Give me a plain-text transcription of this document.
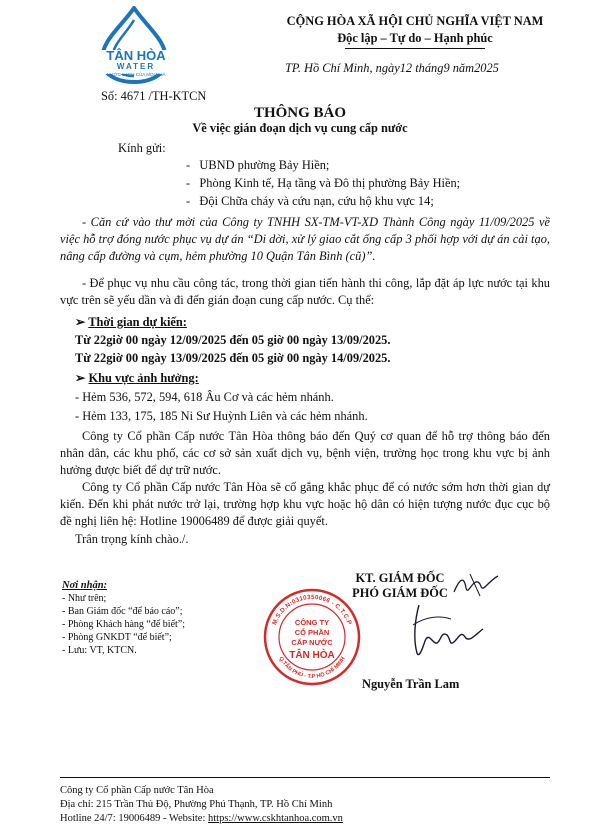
TÂN HÒA
WATER
NƯỚC SẠCH CỦA MỌI NHÀ
CỘNG HÒA XÃ HỘI CHỦ NGHĨA VIỆT NAM
Độc lập – Tự do – Hạnh phúc
Số: 4671 /TH-KTCN
TP. Hồ Chí Minh, ngày12 tháng9 năm2025
THÔNG BÁO
Về việc gián đoạn dịch vụ cung cấp nước
Kính gửi:
-   UBND phường Bảy Hiền;
-   Phòng Kinh tế, Hạ tầng và Đô thị phường Bảy Hiền;
-   Đội Chữa cháy và cứu nạn, cứu hộ khu vực 14;
- Căn cứ vào thư mời của Công ty TNHH SX-TM-VT-XD Thành Công ngày 11/09/2025 về việc hỗ trợ đóng nước phục vụ dự án “Di dời, xử lý giao cắt ống cấp 3 phối hợp với dự án cải tạo, nâng cấp đường và cụm, hẻm phường 10 Quận Tân Bình (cũ)”.
- Để phục vụ nhu cầu công tác, trong thời gian tiến hành thi công, lắp đặt áp lực nước tại khu vực trên sẽ yếu dần và đi đến gián đoạn cung cấp nước. Cụ thể:
➢ Thời gian dự kiến:
Từ 22giờ 00 ngày 12/09/2025 đến 05 giờ 00 ngày 13/09/2025.
Từ 22giờ 00 ngày 13/09/2025 đến 05 giờ 00 ngày 14/09/2025.
➢ Khu vực ảnh hưởng:
- Hẻm 536, 572, 594, 618 Âu Cơ và các hẻm nhánh.
- Hẻm 133, 175, 185 Ni Sư Huỳnh Liên và các hẻm nhánh.
Công ty Cổ phần Cấp nước Tân Hòa thông báo đến Quý cơ quan để hỗ trợ thông báo đến nhân dân, các khu phố, các cơ sở sản xuất dịch vụ, bệnh viện, trường học trong khu vực bị ảnh hưởng được biết để dự trữ nước.
Công ty Cổ phần Cấp nước Tân Hòa sẽ cố gắng khắc phục để có nước sớm hơn thời gian dự kiến. Đến khi phát nước trở lại, trường hợp khu vực hoặc hộ dân có hiện tượng nước đục cục bộ đề nghị liên hệ: Hotline 19006489 để được giải quyết.
Trân trọng kính chào./.
Nơi nhận:
- Như trên;
- Ban Giám đốc “để báo cáo”;
- Phòng Khách hàng “để biết”;
- Phòng GNKDT “để biết”;
- Lưu: VT, KTCN.
KT. GIÁM ĐỐC
PHÓ GIÁM ĐỐC
M.S.D.N:0310350066 - C.T.C.P
Q.TÂN PHÚ - T.P HỒ CHÍ MINH
CÔNG TY
CỔ PHẦN
CẤP NƯỚC
TÂN HÒA
Nguyễn Trần Lam
Công ty Cổ phần Cấp nước Tân Hòa
Địa chỉ: 215 Trần Thủ Độ, Phường Phú Thạnh, TP. Hồ Chí Minh
Hotline 24/7: 19006489 - Website: https://www.cskhtanhoa.com.vn
